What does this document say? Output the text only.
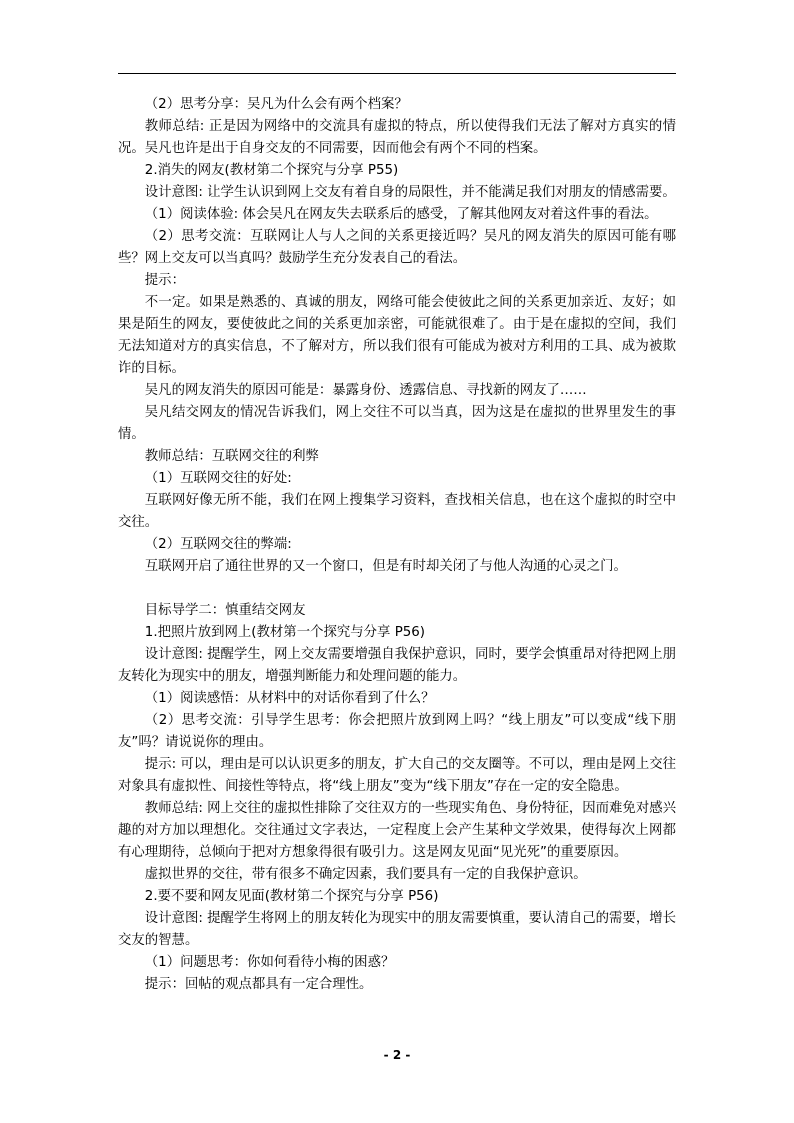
（2）思考分享：吴凡为什么会有两个档案？

教师总结: 正是因为网络中的交流具有虚拟的特点，所以使得我们无法了解对方真实的情况。吴凡也许是出于自身交友的不同需要，因而他会有两个不同的档案。

2.消失的网友(教材第二个探究与分享 P55)

设计意图: 让学生认识到网上交友有着自身的局限性，并不能满足我们对朋友的情感需要。

（1）阅读体验: 体会吴凡在网友失去联系后的感受，了解其他网友对着这件事的看法。

（2）思考交流：互联网让人与人之间的关系更接近吗？吴凡的网友消失的原因可能有哪些？网上交友可以当真吗？鼓励学生充分发表自己的看法。

提示：

不一定。如果是熟悉的、真诚的朋友，网络可能会使彼此之间的关系更加亲近、友好；如果是陌生的网友，要使彼此之间的关系更加亲密，可能就很难了。由于是在虚拟的空间，我们无法知道对方的真实信息，不了解对方，所以我们很有可能成为被对方利用的工具、成为被欺诈的目标。

吴凡的网友消失的原因可能是：暴露身份、透露信息、寻找新的网友了……

吴凡结交网友的情况告诉我们，网上交往不可以当真，因为这是在虚拟的世界里发生的事情。

教师总结：互联网交往的利弊

（1）互联网交往的好处:

互联网好像无所不能，我们在网上搜集学习资料，查找相关信息，也在这个虚拟的时空中交往。

（2）互联网交往的弊端:

互联网开启了通往世界的又一个窗口，但是有时却关闭了与他人沟通的心灵之门。

目标导学二：慎重结交网友

1.把照片放到网上(教材第一个探究与分享 P56)

设计意图: 提醒学生，网上交友需要增强自我保护意识，同时，要学会慎重昂对待把网上朋友转化为现实中的朋友，增强判断能力和处理问题的能力。

（1）阅读感悟：从材料中的对话你看到了什么？

（2）思考交流：引导学生思考：你会把照片放到网上吗？“线上朋友”可以变成“线下朋友”吗？请说说你的理由。

提示: 可以，理由是可以认识更多的朋友，扩大自己的交友圈等。不可以，理由是网上交往对象具有虚拟性、间接性等特点，将“线上朋友”变为“线下朋友”存在一定的安全隐患。

教师总结: 网上交往的虚拟性排除了交往双方的一些现实角色、身份特征，因而难免对感兴趣的对方加以理想化。交往通过文字表达，一定程度上会产生某种文学效果，使得每次上网都有心理期待，总倾向于把对方想象得很有吸引力。这是网友见面“见光死”的重要原因。

虚拟世界的交往，带有很多不确定因素，我们要具有一定的自我保护意识。

2.要不要和网友见面(教材第二个探究与分享 P56)

设计意图: 提醒学生将网上的朋友转化为现实中的朋友需要慎重，要认清自己的需要，增长交友的智慧。

（1）问题思考：你如何看待小梅的困惑？

提示：回帖的观点都具有一定合理性。

- 2 -
